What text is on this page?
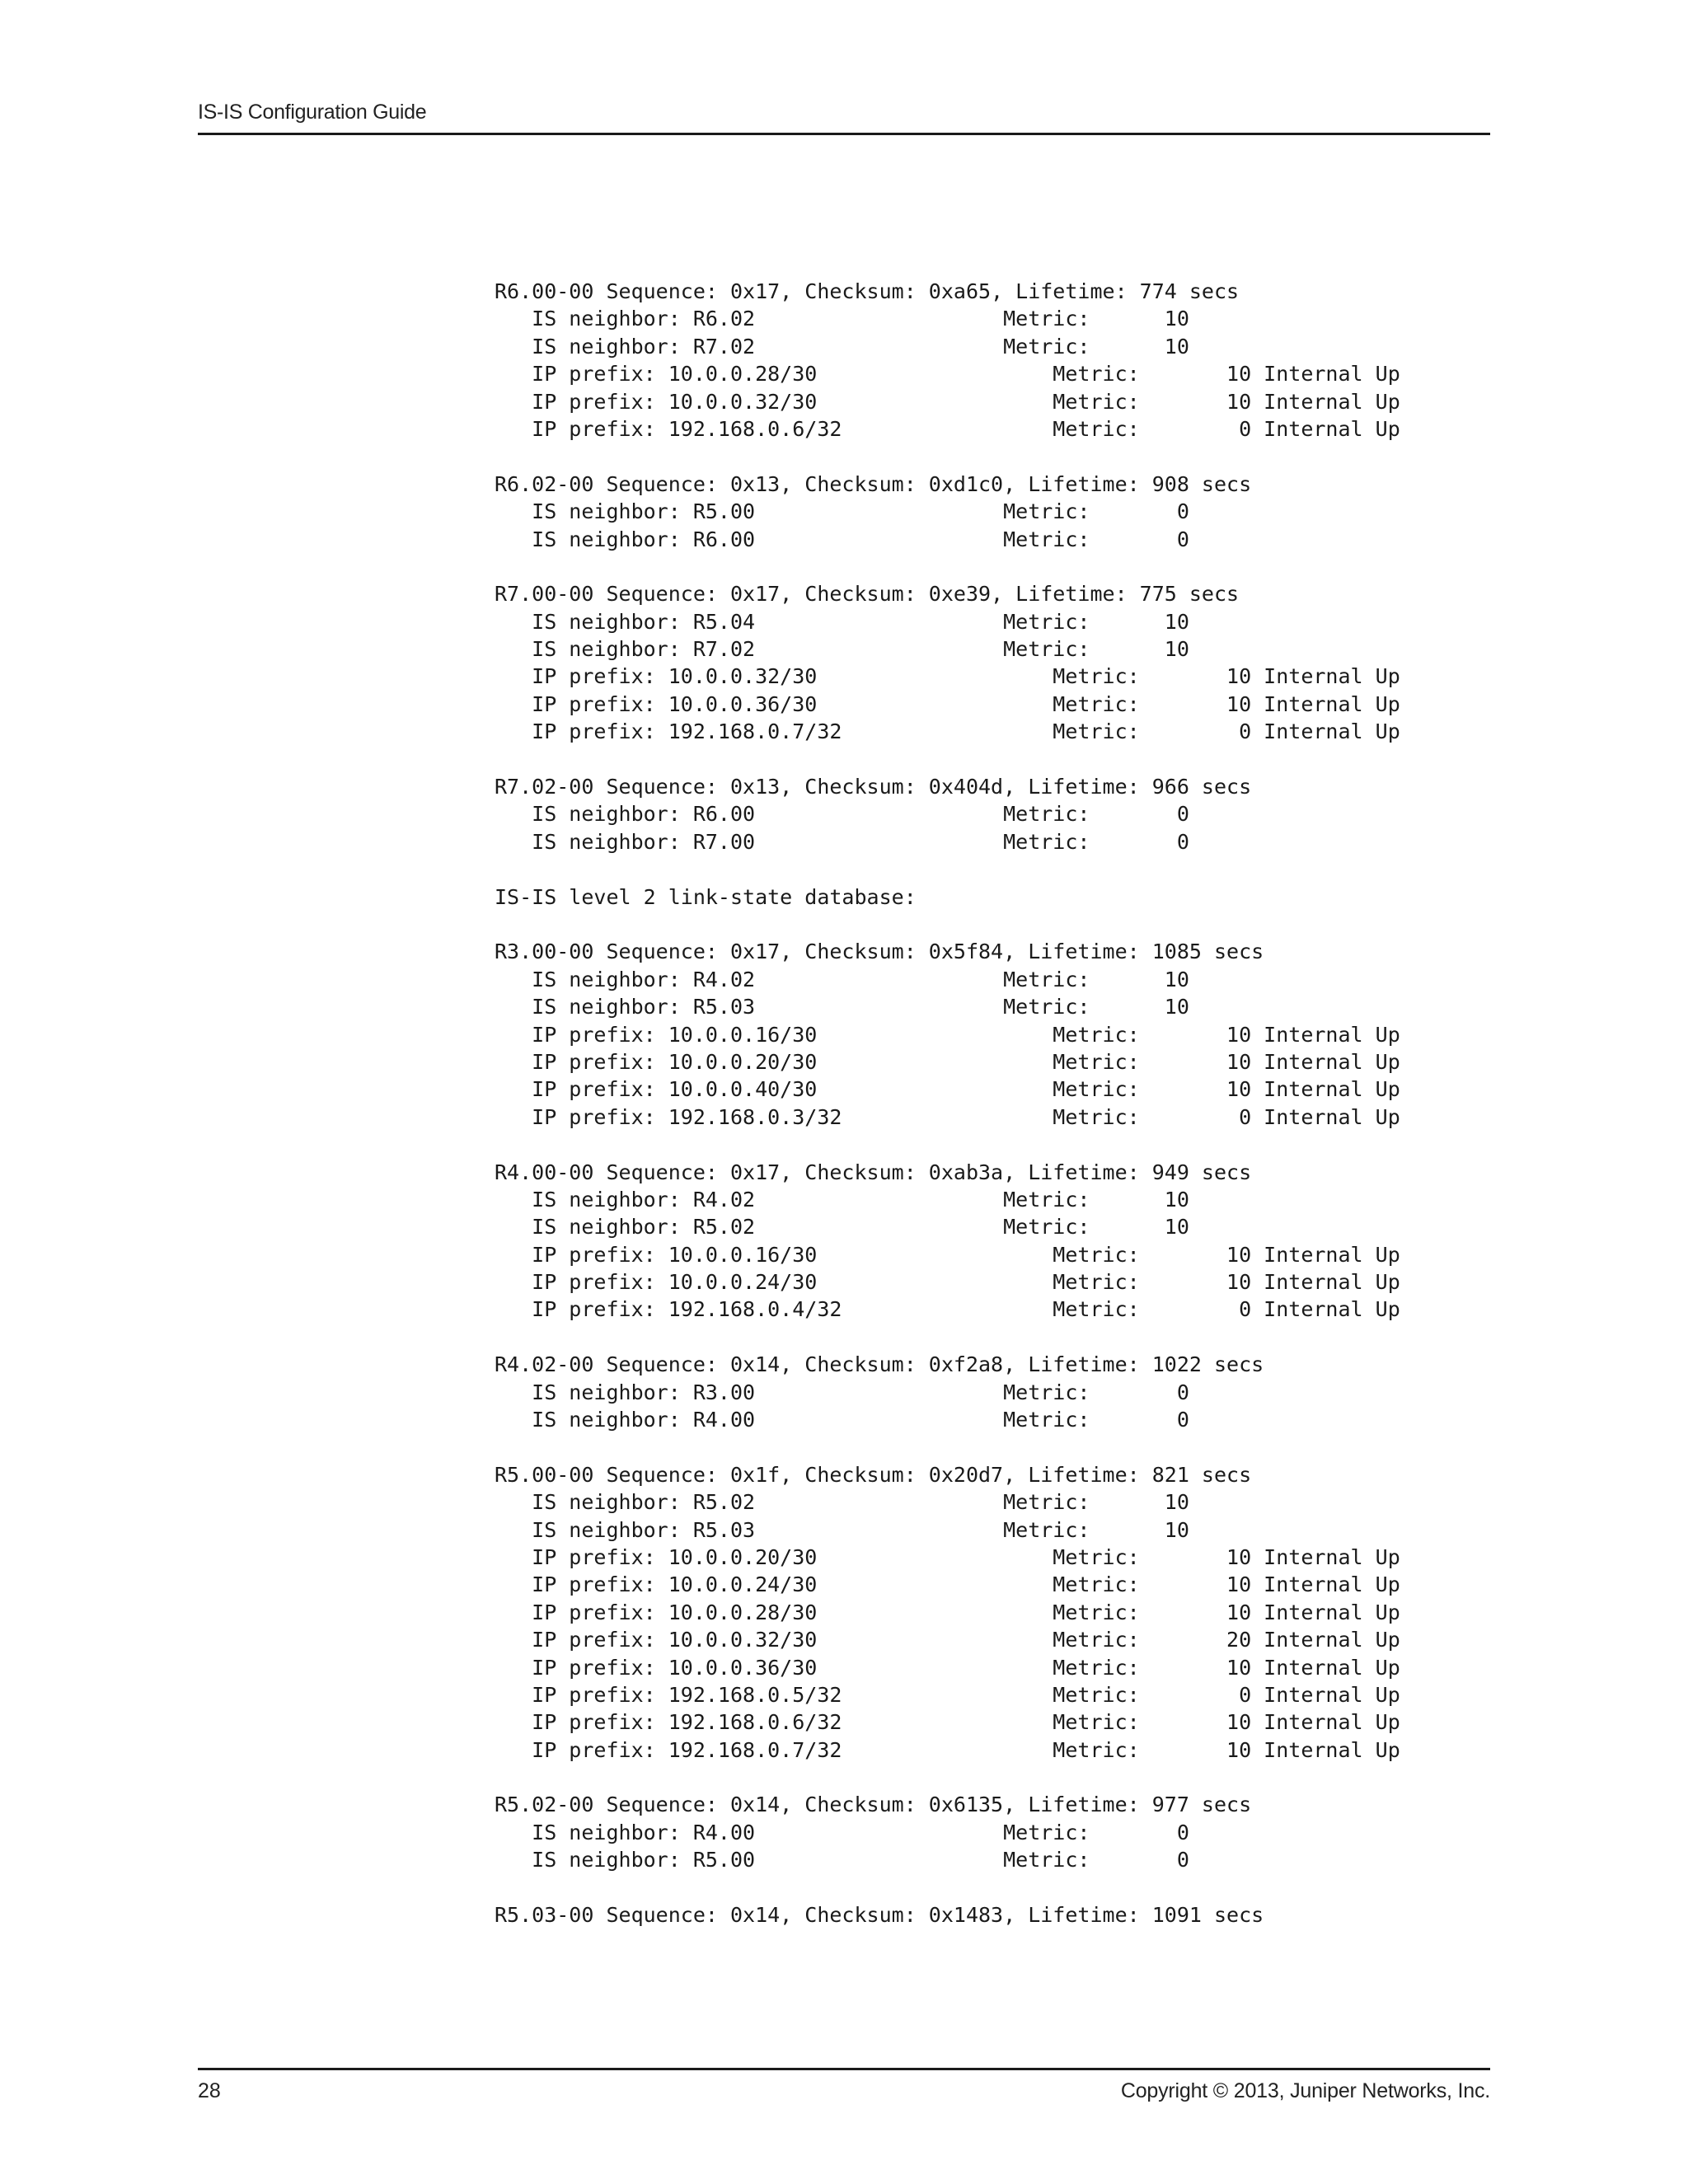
IS-IS Configuration Guide
R6.00-00 Sequence: 0x17, Checksum: 0xa65, Lifetime: 774 secs
IS neighbor: R6.02                    Metric:      10
IS neighbor: R7.02                    Metric:      10
IP prefix: 10.0.0.28/30                   Metric:       10 Internal Up
IP prefix: 10.0.0.32/30                   Metric:       10 Internal Up
IP prefix: 192.168.0.6/32                 Metric:        0 Internal Up
R6.02-00 Sequence: 0x13, Checksum: 0xd1c0, Lifetime: 908 secs
IS neighbor: R5.00                    Metric:       0
IS neighbor: R6.00                    Metric:       0
R7.00-00 Sequence: 0x17, Checksum: 0xe39, Lifetime: 775 secs
IS neighbor: R5.04                    Metric:      10
IS neighbor: R7.02                    Metric:      10
IP prefix: 10.0.0.32/30                   Metric:       10 Internal Up
IP prefix: 10.0.0.36/30                   Metric:       10 Internal Up
IP prefix: 192.168.0.7/32                 Metric:        0 Internal Up
R7.02-00 Sequence: 0x13, Checksum: 0x404d, Lifetime: 966 secs
IS neighbor: R6.00                    Metric:       0
IS neighbor: R7.00                    Metric:       0
IS-IS level 2 link-state database:
R3.00-00 Sequence: 0x17, Checksum: 0x5f84, Lifetime: 1085 secs
IS neighbor: R4.02                    Metric:      10
IS neighbor: R5.03                    Metric:      10
IP prefix: 10.0.0.16/30                   Metric:       10 Internal Up
IP prefix: 10.0.0.20/30                   Metric:       10 Internal Up
IP prefix: 10.0.0.40/30                   Metric:       10 Internal Up
IP prefix: 192.168.0.3/32                 Metric:        0 Internal Up
R4.00-00 Sequence: 0x17, Checksum: 0xab3a, Lifetime: 949 secs
IS neighbor: R4.02                    Metric:      10
IS neighbor: R5.02                    Metric:      10
IP prefix: 10.0.0.16/30                   Metric:       10 Internal Up
IP prefix: 10.0.0.24/30                   Metric:       10 Internal Up
IP prefix: 192.168.0.4/32                 Metric:        0 Internal Up
R4.02-00 Sequence: 0x14, Checksum: 0xf2a8, Lifetime: 1022 secs
IS neighbor: R3.00                    Metric:       0
IS neighbor: R4.00                    Metric:       0
R5.00-00 Sequence: 0x1f, Checksum: 0x20d7, Lifetime: 821 secs
IS neighbor: R5.02                    Metric:      10
IS neighbor: R5.03                    Metric:      10
IP prefix: 10.0.0.20/30                   Metric:       10 Internal Up
IP prefix: 10.0.0.24/30                   Metric:       10 Internal Up
IP prefix: 10.0.0.28/30                   Metric:       10 Internal Up
IP prefix: 10.0.0.32/30                   Metric:       20 Internal Up
IP prefix: 10.0.0.36/30                   Metric:       10 Internal Up
IP prefix: 192.168.0.5/32                 Metric:        0 Internal Up
IP prefix: 192.168.0.6/32                 Metric:       10 Internal Up
IP prefix: 192.168.0.7/32                 Metric:       10 Internal Up
R5.02-00 Sequence: 0x14, Checksum: 0x6135, Lifetime: 977 secs
IS neighbor: R4.00                    Metric:       0
IS neighbor: R5.00                    Metric:       0
R5.03-00 Sequence: 0x14, Checksum: 0x1483, Lifetime: 1091 secs
28	Copyright © 2013, Juniper Networks, Inc.
